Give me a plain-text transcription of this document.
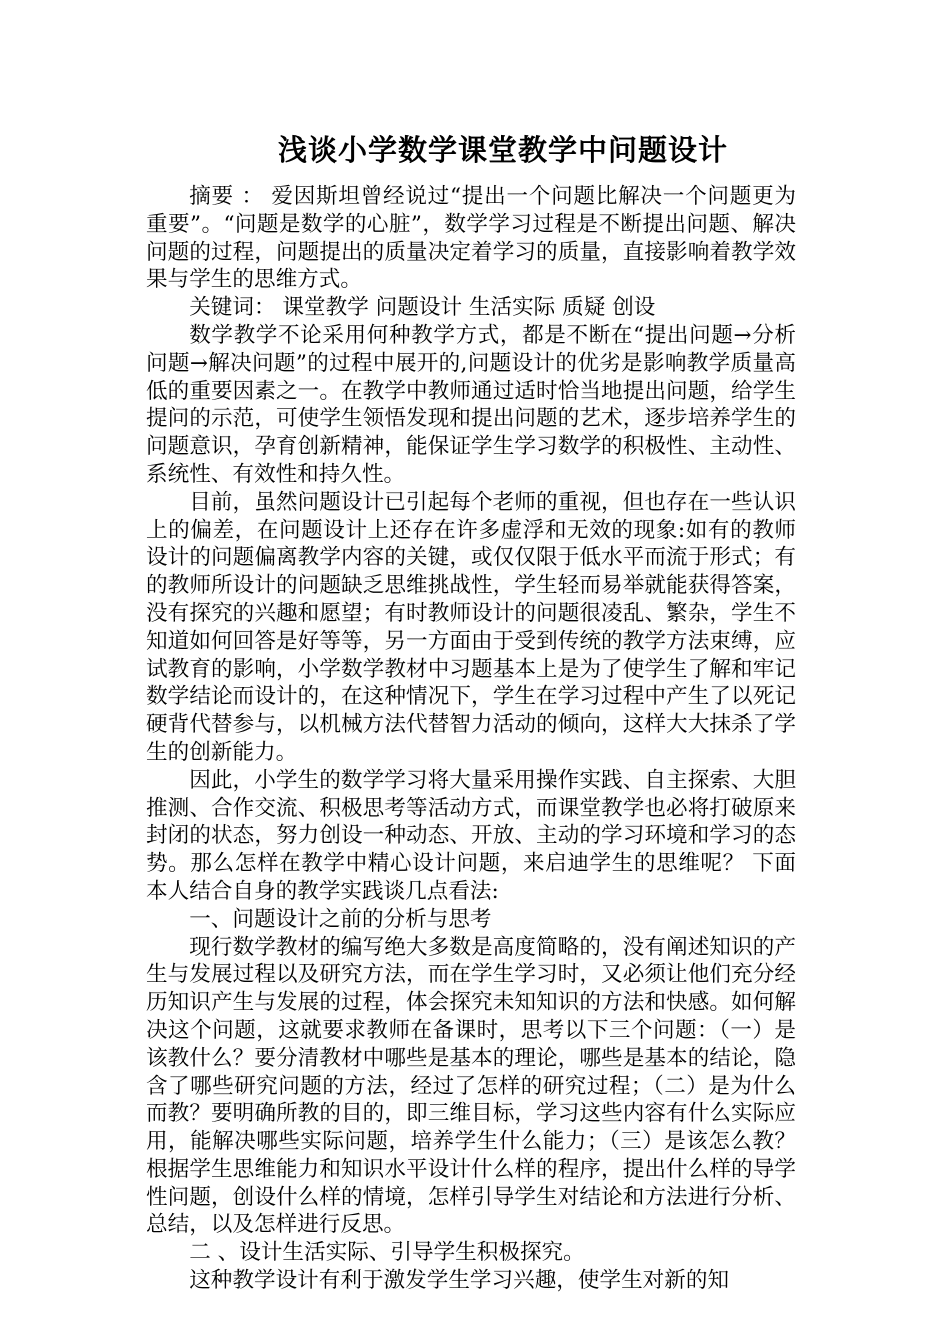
浅谈小学数学课堂教学中问题设计

摘要 ： 爱因斯坦曾经说过“提出一个问题比解决一个问题更为重要”。“问题是数学的心脏”，数学学习过程是不断提出问题、解决问题的过程，问题提出的质量决定着学习的质量，直接影响着教学效果与学生的思维方式。

关键词： 课堂教学 问题设计 生活实际 质疑 创设

数学教学不论采用何种教学方式，都是不断在“提出问题→分析问题→解决问题”的过程中展开的,问题设计的优劣是影响教学质量高低的重要因素之一。在教学中教师通过适时恰当地提出问题，给学生提问的示范，可使学生领悟发现和提出问题的艺术，逐步培养学生的问题意识，孕育创新精神，能保证学生学习数学的积极性、主动性、系统性、有效性和持久性。

目前，虽然问题设计已引起每个老师的重视，但也存在一些认识上的偏差，在问题设计上还存在许多虚浮和无效的现象:如有的教师设计的问题偏离教学内容的关键，或仅仅限于低水平而流于形式；有的教师所设计的问题缺乏思维挑战性，学生轻而易举就能获得答案，没有探究的兴趣和愿望；有时教师设计的问题很凌乱、繁杂，学生不知道如何回答是好等等，另一方面由于受到传统的教学方法束缚，应试教育的影响，小学数学教材中习题基本上是为了使学生了解和牢记数学结论而设计的，在这种情况下，学生在学习过程中产生了以死记硬背代替参与，以机械方法代替智力活动的倾向，这样大大抹杀了学生的创新能力。

因此，小学生的数学学习将大量采用操作实践、自主探索、大胆推测、合作交流、积极思考等活动方式，而课堂教学也必将打破原来封闭的状态，努力创设一种动态、开放、主动的学习环境和学习的态势。那么怎样在教学中精心设计问题，来启迪学生的思维呢？ 下面本人结合自身的教学实践谈几点看法:

一、问题设计之前的分析与思考

现行数学教材的编写绝大多数是高度简略的，没有阐述知识的产生与发展过程以及研究方法，而在学生学习时，又必须让他们充分经历知识产生与发展的过程，体会探究未知知识的方法和快感。如何解决这个问题，这就要求教师在备课时，思考以下三个问题：（一）是该教什么？要分清教材中哪些是基本的理论，哪些是基本的结论，隐含了哪些研究问题的方法，经过了怎样的研究过程；（二）是为什么而教？要明确所教的目的，即三维目标，学习这些内容有什么实际应用，能解决哪些实际问题，培养学生什么能力；（三）是该怎么教？根据学生思维能力和知识水平设计什么样的程序，提出什么样的导学性问题，创设什么样的情境，怎样引导学生对结论和方法进行分析、总结，以及怎样进行反思。

二 、设计生活实际、引导学生积极探究。

这种教学设计有利于激发学生学习兴趣，使学生对新的知
